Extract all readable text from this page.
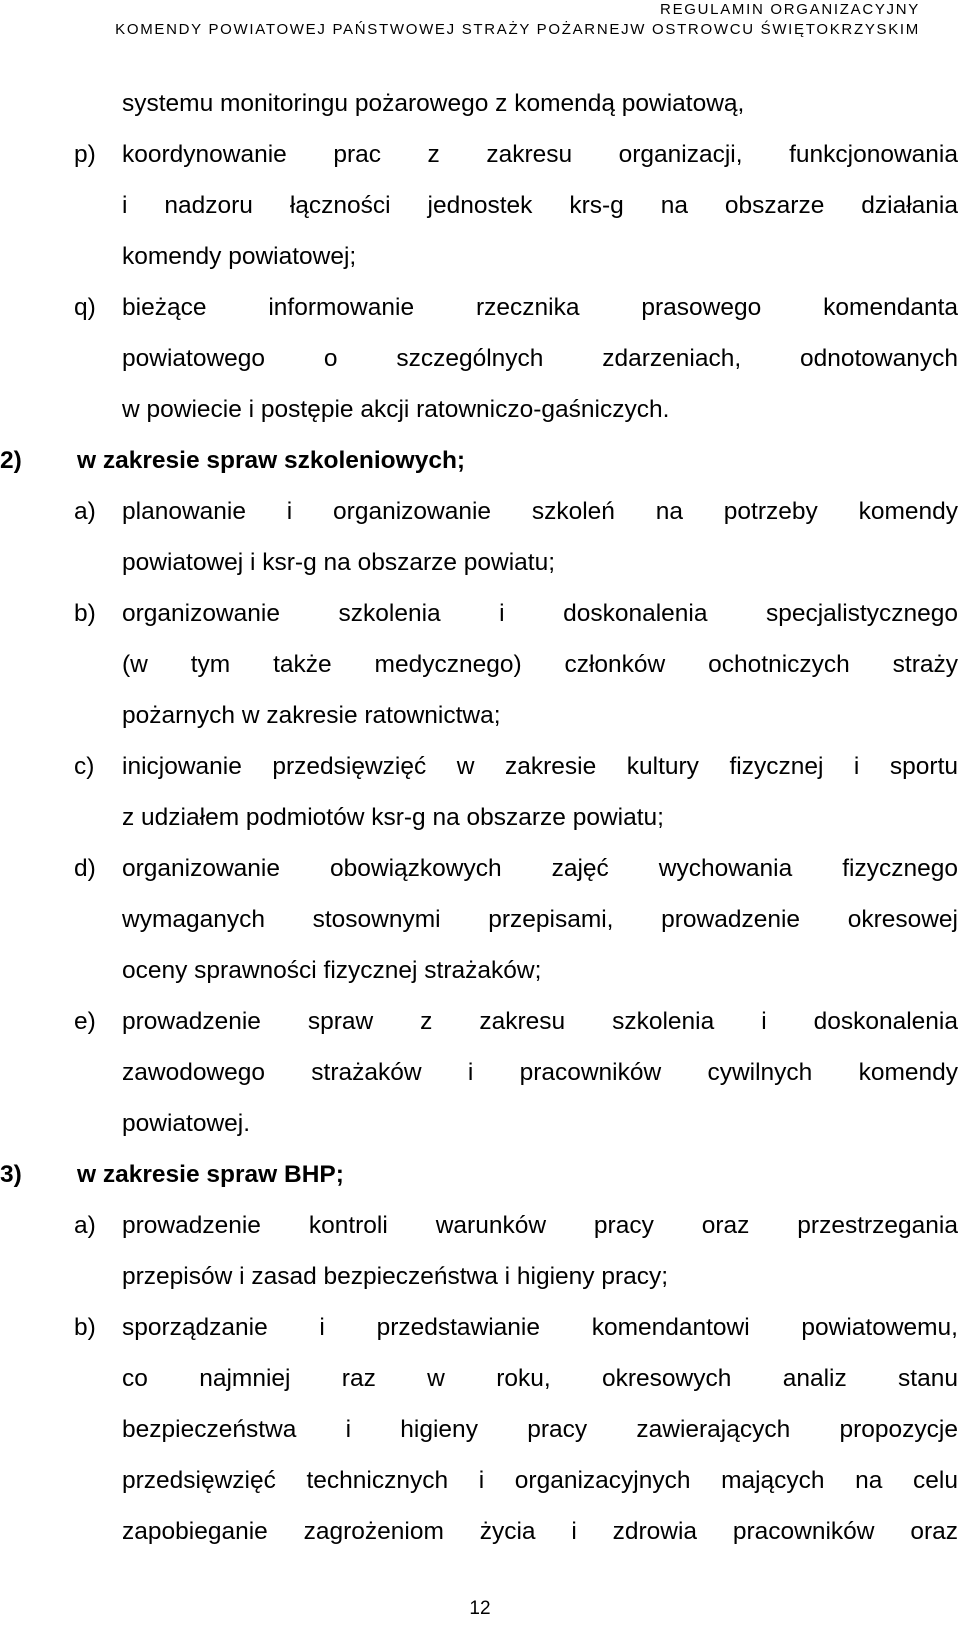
REGULAMIN ORGANIZACYJNY
KOMENDY POWIATOWEJ PAŃSTWOWEJ STRAŻY POŻARNEJW OSTROWCU ŚWIĘTOKRZYSKIM
systemu monitoringu pożarowego z komendą powiatową,
p) koordynowanie prac z zakresu organizacji, funkcjonowania
i nadzoru łączności jednostek krs-g na obszarze działania
komendy powiatowej;
q) bieżące informowanie rzecznika prasowego komendanta
powiatowego o szczególnych zdarzeniach, odnotowanych
w powiecie i postępie akcji ratowniczo-gaśniczych.
2) w zakresie spraw szkoleniowych;
a) planowanie i organizowanie szkoleń na potrzeby komendy
powiatowej i ksr-g na obszarze powiatu;
b) organizowanie szkolenia i doskonalenia specjalistycznego
(w tym także medycznego) członków ochotniczych straży
pożarnych w zakresie ratownictwa;
c) inicjowanie przedsięwzięć w zakresie kultury fizycznej i sportu
z udziałem podmiotów ksr-g na obszarze powiatu;
d) organizowanie obowiązkowych zajęć wychowania fizycznego
wymaganych stosownymi przepisami, prowadzenie okresowej
oceny sprawności fizycznej strażaków;
e) prowadzenie spraw z zakresu szkolenia i doskonalenia
zawodowego strażaków i pracowników cywilnych komendy
powiatowej.
3) w zakresie spraw BHP;
a) prowadzenie kontroli warunków pracy oraz przestrzegania
przepisów i zasad bezpieczeństwa i higieny pracy;
b) sporządzanie i przedstawianie komendantowi powiatowemu,
co najmniej raz w roku, okresowych analiz stanu
bezpieczeństwa i higieny pracy zawierających propozycje
przedsięwzięć technicznych i organizacyjnych mających na celu
zapobieganie zagrożeniom życia i zdrowia pracowników oraz
12
